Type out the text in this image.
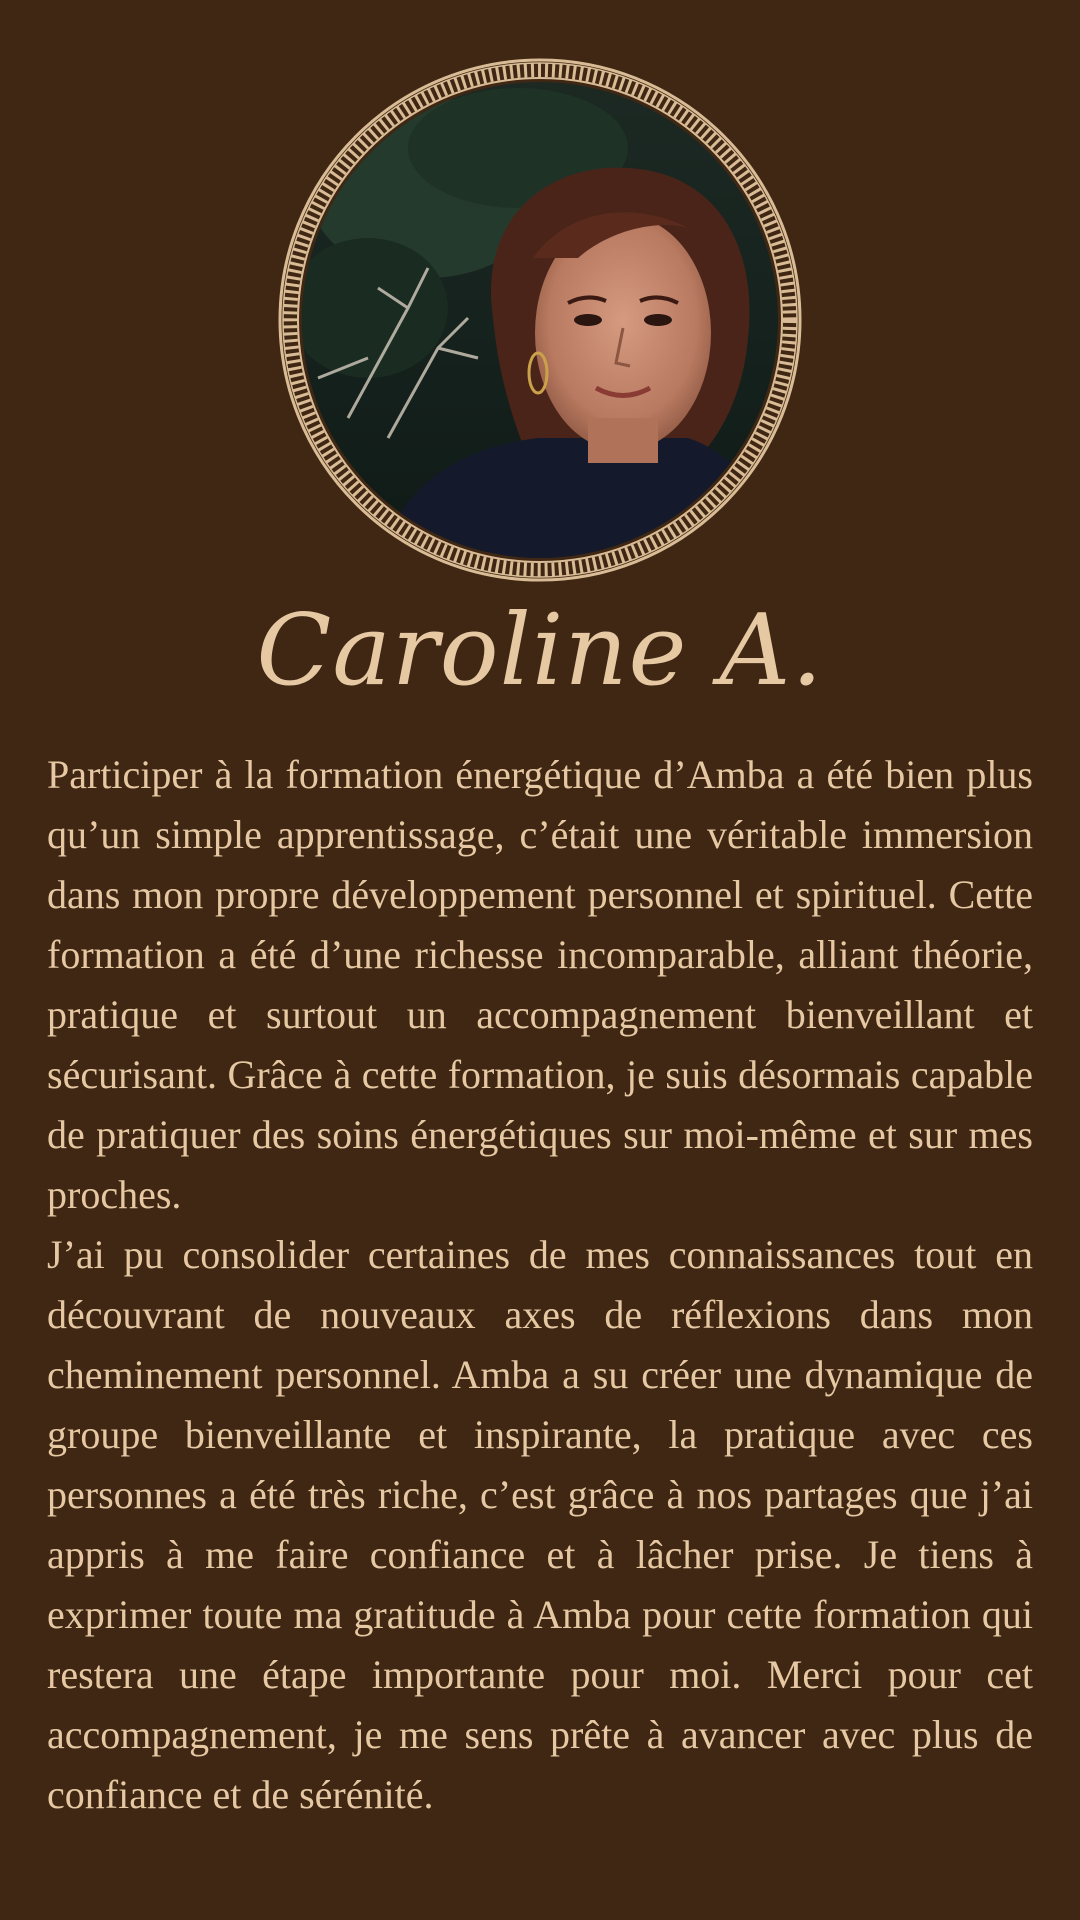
Caroline A.

Participer à la formation énergétique d’Amba a été bien plus qu’un simple apprentissage, c’était une véritable immersion dans mon propre développement personnel et spirituel. Cette formation a été d’une richesse incomparable, alliant théorie, pratique et surtout un accompagnement bienveillant et sécurisant. Grâce à cette formation, je suis désormais capable de pratiquer des soins énergétiques sur moi-même et sur mes proches.

J’ai pu consolider certaines de mes connaissances tout en découvrant de nouveaux axes de réflexions dans mon cheminement personnel. Amba a su créer une dynamique de groupe bienveillante et inspirante, la pratique avec ces personnes a été très riche, c’est grâce à nos partages que j’ai appris à me faire confiance et à lâcher prise. Je tiens à exprimer toute ma gratitude à Amba pour cette formation qui restera une étape importante pour moi. Merci pour cet accompagnement, je me sens prête à avancer avec plus de confiance et de sérénité.
